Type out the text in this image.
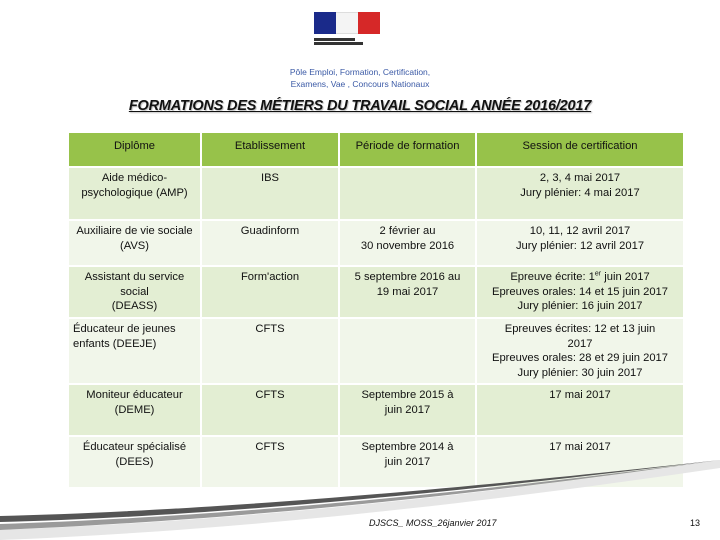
Pôle Emploi, Formation, Certification,
Examens, Vae , Concours Nationaux
FORMATIONS DES MÉTIERS DU TRAVAIL SOCIAL ANNÉE 2016/2017
Diplôme	Etablissement	Période de formation	Session de certification

Aide médico-
psychologique (AMP)	IBS		2, 3, 4 mai 2017
Jury plénier: 4 mai 2017

Auxiliaire de vie sociale
(AVS)	Guadinform	2 février au
30 novembre 2016	10, 11, 12 avril 2017
Jury plénier: 12 avril 2017

Assistant du service
social
(DEASS)	Form'action	5 septembre 2016 au
19 mai 2017	Epreuve écrite: 1er juin 2017
Epreuves orales: 14 et 15 juin 2017
Jury plénier: 16 juin 2017

Éducateur de jeunes
enfants (DEEJE)	CFTS		Epreuves écrites: 12 et 13 juin
2017
Epreuves orales: 28 et 29 juin 2017
Jury plénier: 30 juin 2017

Moniteur éducateur
(DEME)	CFTS	Septembre 2015 à
juin 2017	17 mai 2017

Éducateur spécialisé
(DEES)	CFTS	Septembre 2014 à
juin 2017	17 mai 2017
DJSCS_ MOSS_26janvier 2017	13
